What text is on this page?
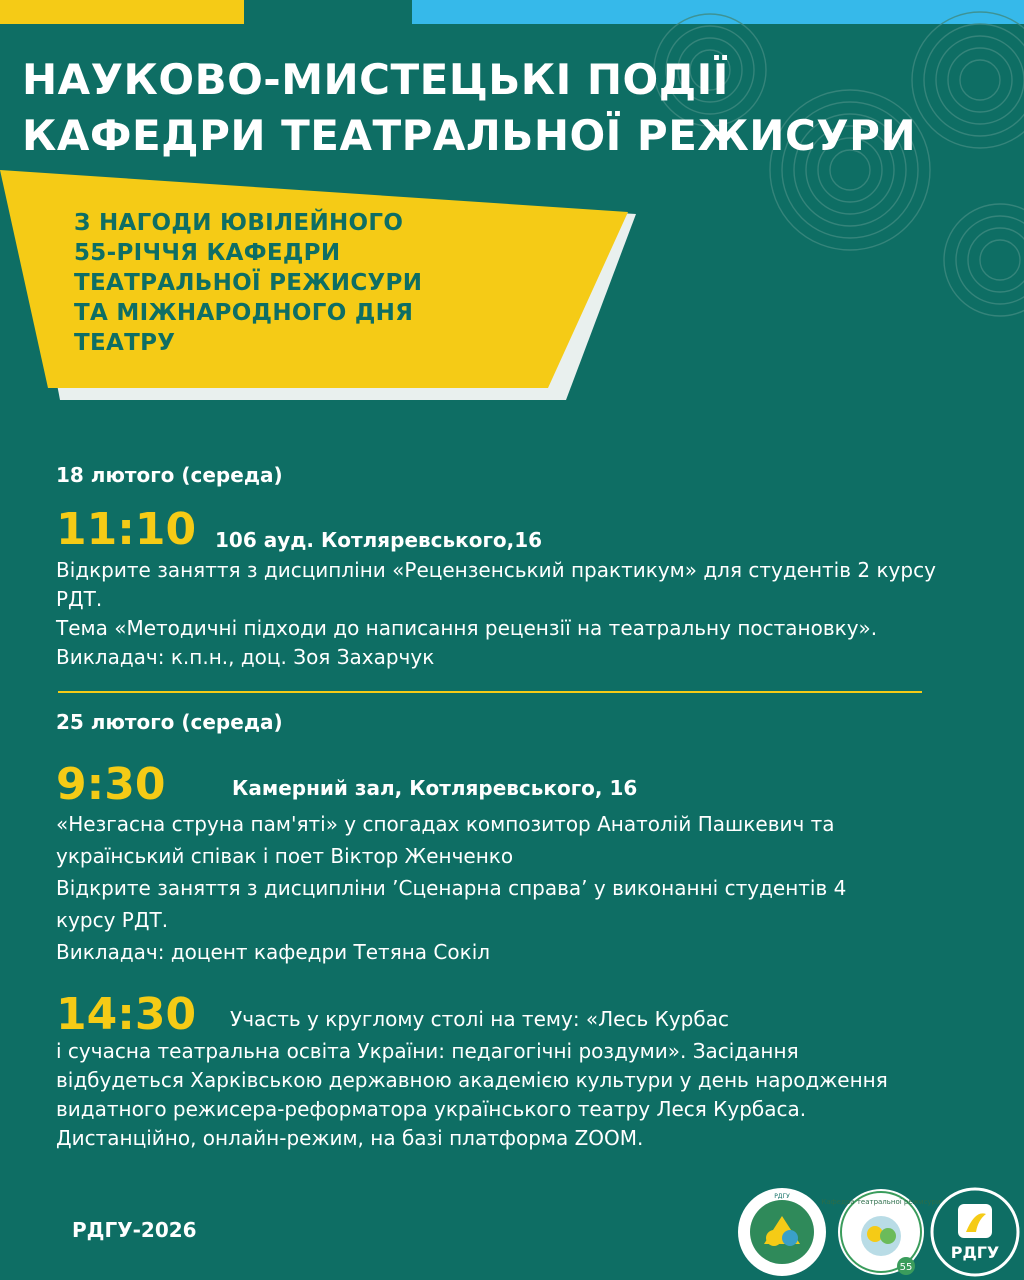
НАУКОВО-МИСТЕЦЬКІ ПОДІЇ
КАФЕДРИ ТЕАТРАЛЬНОЇ РЕЖИСУРИ
З НАГОДИ ЮВІЛЕЙНОГО
55-РІЧЧЯ КАФЕДРИ
ТЕАТРАЛЬНОЇ РЕЖИСУРИ
ТА МІЖНАРОДНОГО ДНЯ
ТЕАТРУ
18 лютого (середа)
11:10 106 ауд. Котляревського,16

Відкрите заняття з дисципліни «Рецензенський практикум» для студентів 2 курсу

РДТ.

Тема «Методичні підходи до написання рецензії на театральну постановку».

Викладач: к.п.н., доц. Зоя Захарчук

25 лютого (середа)
9:30	Камерний зал, Котляревського, 16

«Незгасна струна пам'яті» у спогадах композитор Анатолій Пашкевич та

український співак і поет Віктор Женченко

Відкрите заняття з дисципліни ’Сценарна справа’ у виконанні студентів 4

курсу РДТ.

Викладач: доцент кафедри Тетяна Сокіл

14:30 Участь у круглому столі на тему: «Лесь Курбас

і сучасна театральна освіта України: педагогічні роздуми». Засідання

відбудеться Харківською державною академією культури у день народження

видатного режисера-реформатора українського театру Леся Курбаса.

Дистанційно, онлайн-режим, на базі платформа ZOOM.

РДГУ-2026
РДГУ
Кафедра театральної режисури
55
РДГУ
